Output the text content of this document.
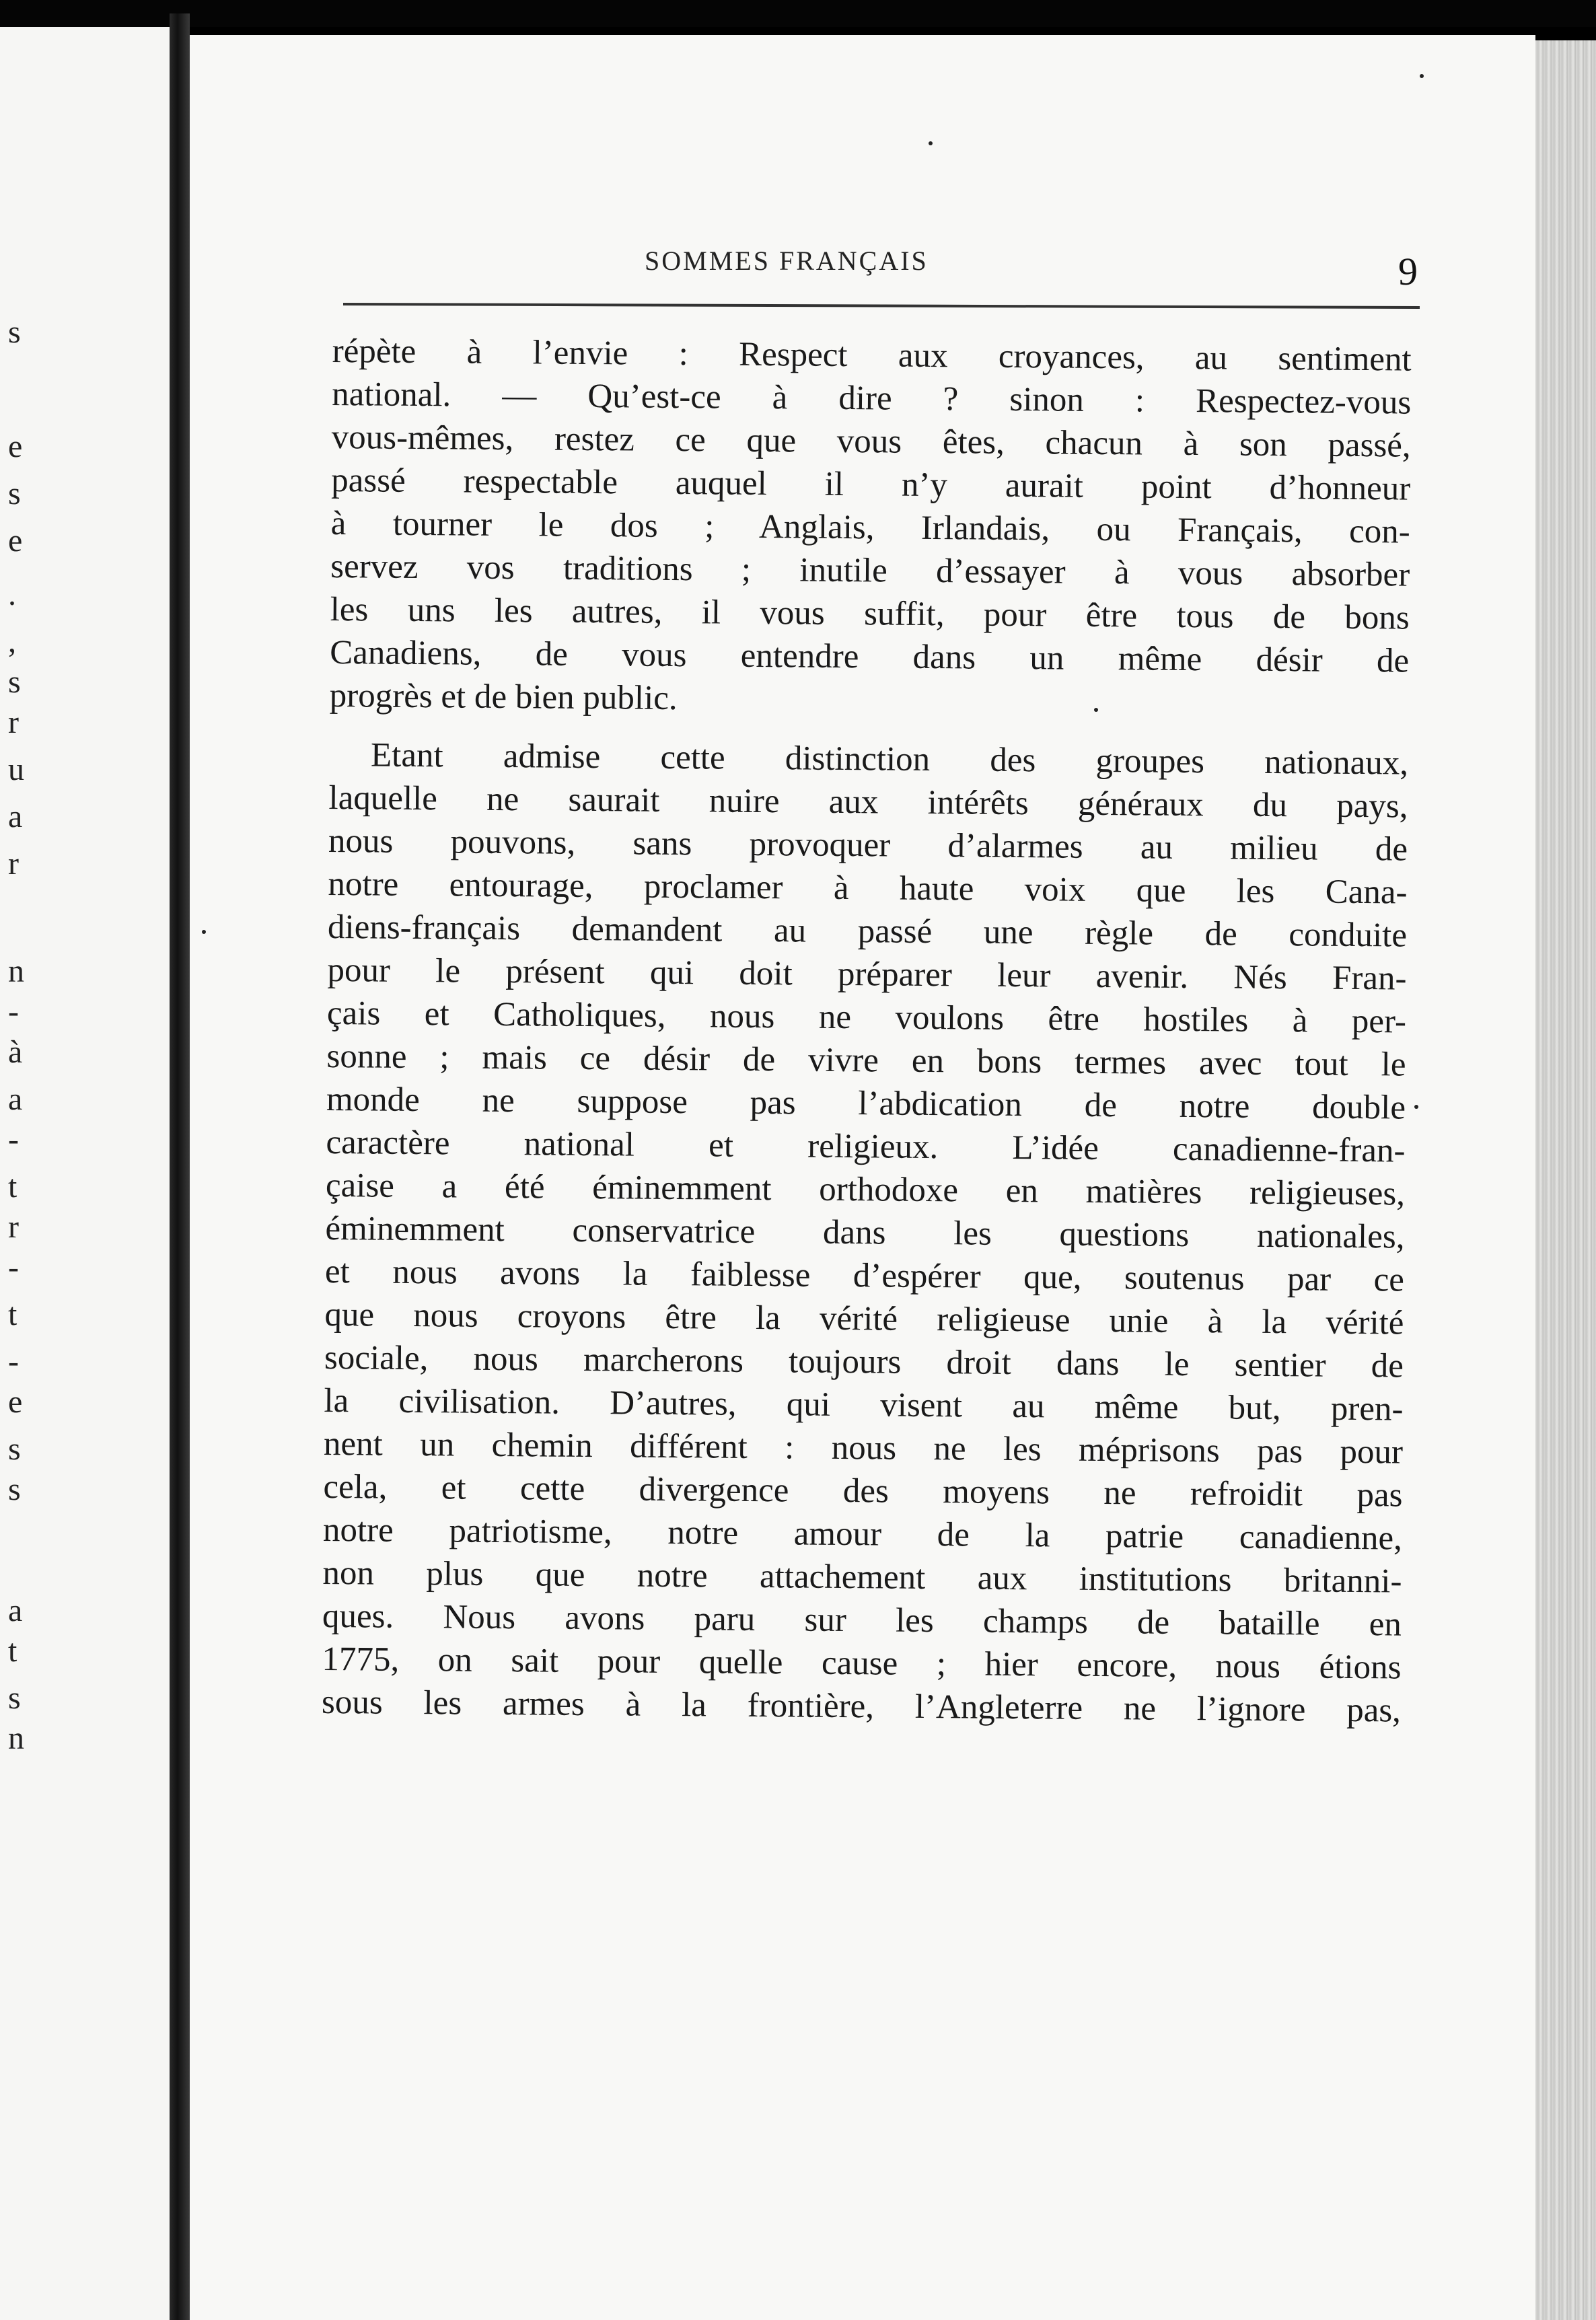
s
e
s
e
.
,
s
r
u
a
r
n
-
à
a
-
t
r
-
t
-
e
s
s
a
t
s
n
SOMMES FRANÇAIS	9
répète à l’envie : Respect aux croyances, au sentiment
national. — Qu’est-ce à dire ? sinon : Respectez-vous
vous-mêmes, restez ce que vous êtes, chacun à son passé,
passé respectable auquel il n’y aurait point d’honneur
à tourner le dos ; Anglais, Irlandais, ou Français, con-
servez vos traditions ; inutile d’essayer à vous absorber
les uns les autres, il vous suffit, pour être tous de bons
Canadiens, de vous entendre dans un même désir de
progrès et de bien public.
Etant admise cette distinction des groupes nationaux,
laquelle ne saurait nuire aux intérêts généraux du pays,
nous pouvons, sans provoquer d’alarmes au milieu de
notre entourage, proclamer à haute voix que les Cana-
diens-français demandent au passé une règle de conduite
pour le présent qui doit préparer leur avenir. Nés Fran-
çais et Catholiques, nous ne voulons être hostiles à per-
sonne ; mais ce désir de vivre en bons termes avec tout le
monde ne suppose pas l’abdication de notre double
caractère national et religieux. L’idée canadienne-fran-
çaise a été éminemment orthodoxe en matières religieuses,
éminemment conservatrice dans les questions nationales,
et nous avons la faiblesse d’espérer que, soutenus par ce
que nous croyons être la vérité religieuse unie à la vérité
sociale, nous marcherons toujours droit dans le sentier de
la civilisation. D’autres, qui visent au même but, pren-
nent un chemin différent : nous ne les méprisons pas pour
cela, et cette divergence des moyens ne refroidit pas
notre patriotisme, notre amour de la patrie canadienne,
non plus que notre attachement aux institutions britanni-
ques. Nous avons paru sur les champs de bataille en
1775, on sait pour quelle cause ; hier encore, nous étions
sous les armes à la frontière, l’Angleterre ne l’ignore pas,
